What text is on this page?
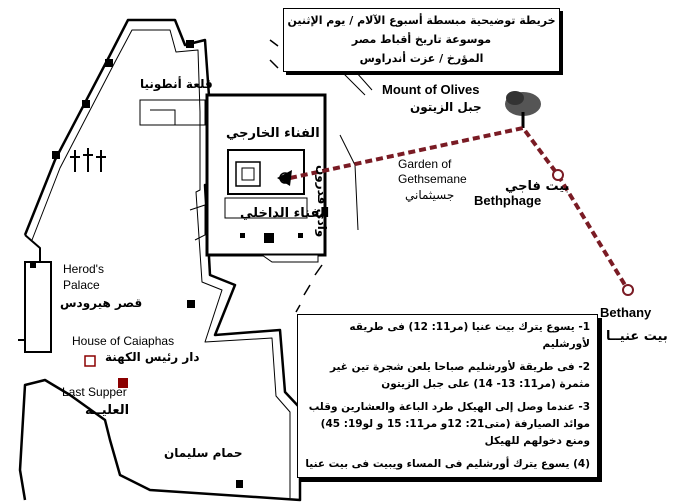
خريطة توضيحية مبسطة أسبوع الآلام / يوم الإثنين
موسوعة تاريخ أقباط مصر
المؤرخ / عزت أندراوس
Mount of Olives
جبل الزيتون
قلعة أنطونيا
الفناء الخارجي
الفناء الداخلي
وادي قدرون
Garden of
Gethsemane
جسيثماني
بيت فاجي
Bethphage
Bethany
بيت عنيــا
Herod's
Palace
قصر هيرودس
House of Caiaphas
دار رئيس الكهنة
Last Supper
العليــة
حمام سليمان

1- يسوع يترك بيت عنيا (مر11: 12) فى طريقه لأورشليم

2- فى طريقة لأورشليم صباحا يلعن شجرة تين غير مثمرة (مر11: 13- 14) على جبل الزيتون

3- عندما وصل إلى الهيكل طرد الباعة والعشارين وقلب موائد الصيارفة (متى21: 12و مر11: 15 و لو19: 45) ومنع دخولهم للهيكل

(4) يسوع يترك أورشليم فى المساء ويبيت فى بيت عنيا
